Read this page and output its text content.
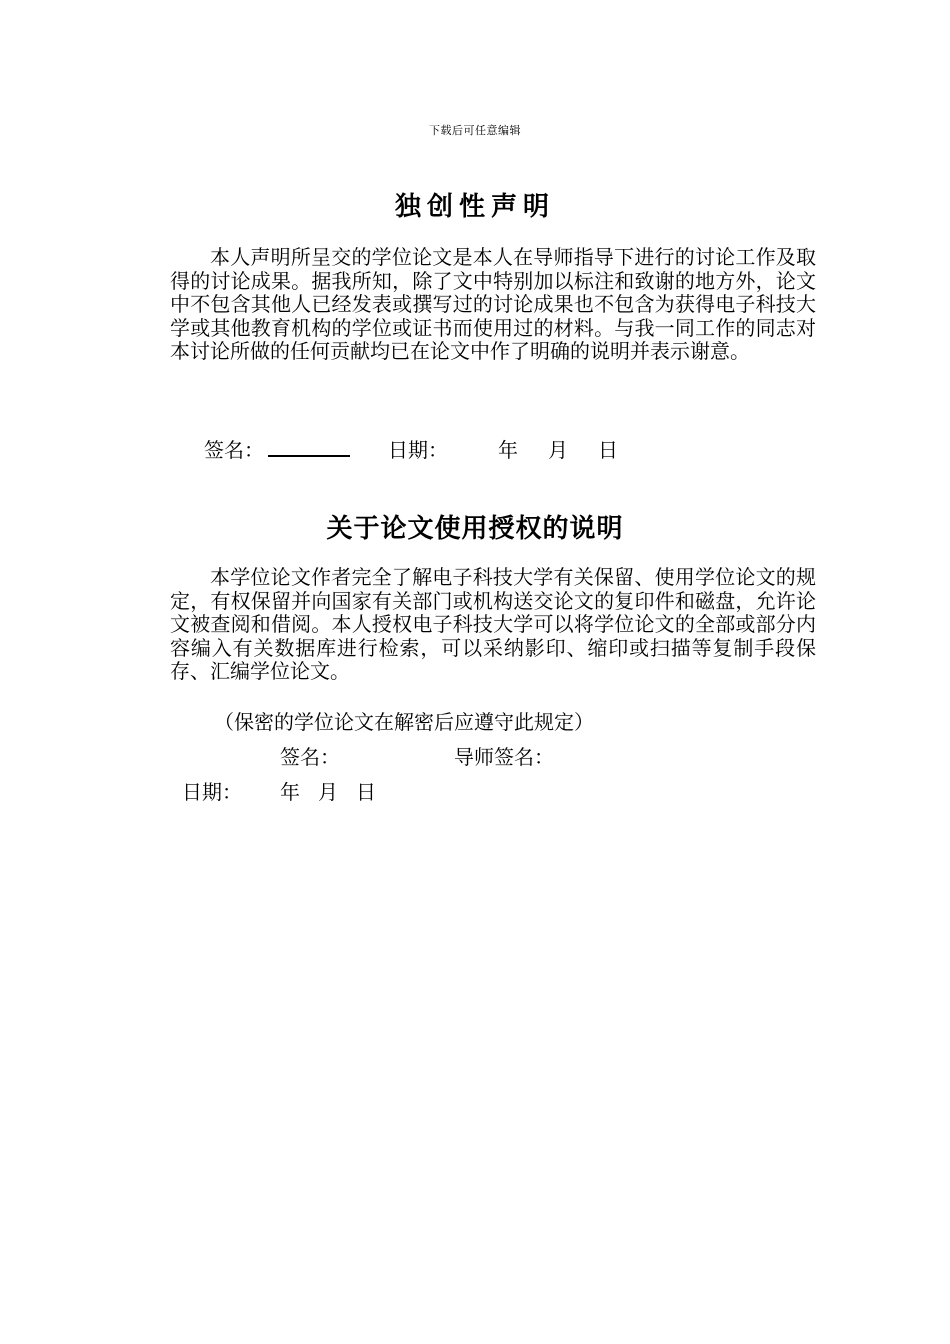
下载后可任意编辑
独创性声明

本人声明所呈交的学位论文是本人在导师指导下进行的讨论工作及取得的讨论成果。据我所知，除了文中特别加以标注和致谢的地方外，论文中不包含其他人已经发表或撰写过的讨论成果也不包含为获得电子科技大学或其他教育机构的学位或证书而使用过的材料。与我一同工作的同志对本讨论所做的任何贡献均已在论文中作了明确的说明并表示谢意。

签名：	日期：	年 月 日
关于论文使用授权的说明

本学位论文作者完全了解电子科技大学有关保留、使用学位论文的规定，有权保留并向国家有关部门或机构送交论文的复印件和磁盘，允许论文被查阅和借阅。本人授权电子科技大学可以将学位论文的全部或部分内容编入有关数据库进行检索，可以采纳影印、缩印或扫描等复制手段保存、汇编学位论文。

（保密的学位论文在解密后应遵守此规定）
签名：	导师签名：
日期： 年 月 日
